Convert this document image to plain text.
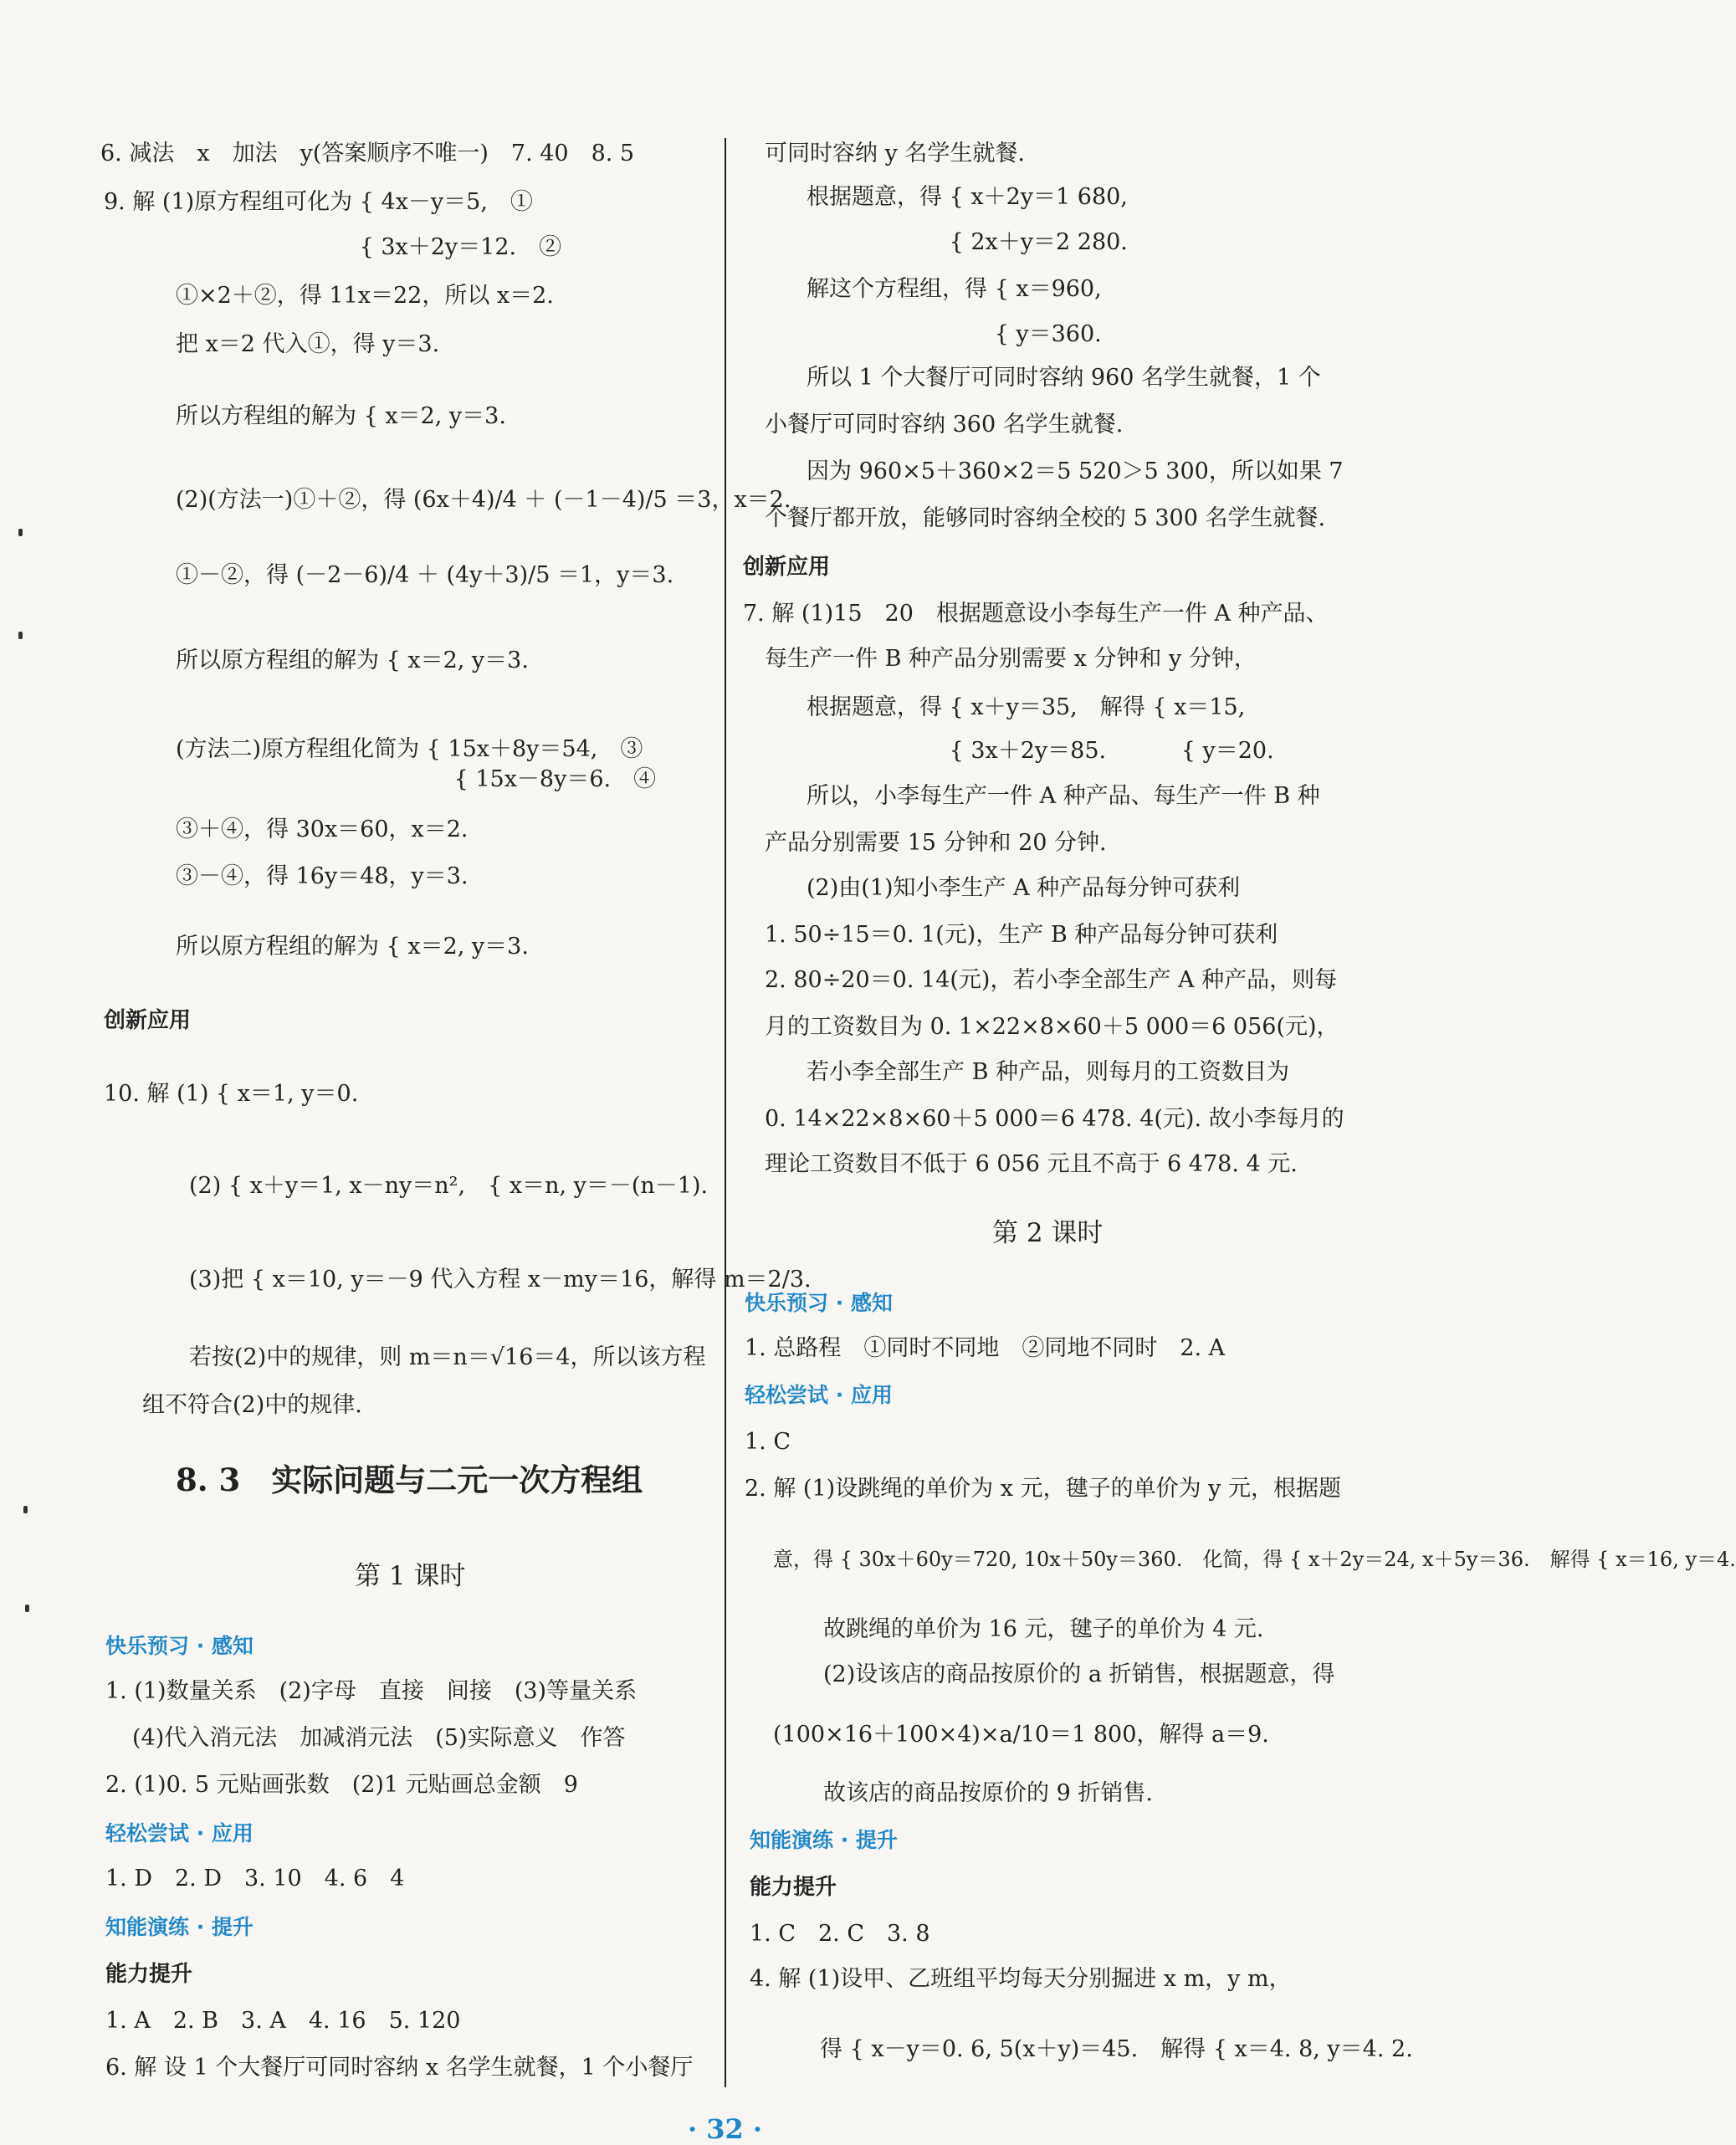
6. 减法　x　加法　y(答案顺序不唯一)　7. 40　8. 5
9. 解 (1)原方程组可化为 { 4x－y＝5,　①
　　　　　　　　　　　 { 3x＋2y＝12.　②
①×2＋②，得 11x＝22，所以 x＝2.
把 x＝2 代入①，得 y＝3.
所以方程组的解为 { x＝2, y＝3.
(2)(方法一)①＋②，得 (6x＋4)/4 ＋ (－1－4)/5 ＝3，x＝2.
①－②，得 (－2－6)/4 ＋ (4y＋3)/5 ＝1，y＝3.
所以原方程组的解为 { x＝2, y＝3.
(方法二)原方程组化简为 { 15x＋8y＝54,　③
　　　　　　　　　　　　 { 15x－8y＝6.　④
③＋④，得 30x＝60，x＝2.
③－④，得 16y＝48，y＝3.
所以原方程组的解为 { x＝2, y＝3.
创新应用
10. 解 (1) { x＝1, y＝0.
(2) { x＋y＝1, x－ny＝n²,　{ x＝n, y＝－(n－1).
(3)把 { x＝10, y＝－9 代入方程 x－my＝16，解得 m＝2/3.
若按(2)中的规律，则 m＝n＝√16＝4，所以该方程
组不符合(2)中的规律.
8. 3　实际问题与二元一次方程组
第 1 课时
快乐预习 · 感知
1. (1)数量关系　(2)字母　直接　间接　(3)等量关系
(4)代入消元法　加减消元法　(5)实际意义　作答
2. (1)0. 5 元贴画张数　(2)1 元贴画总金额　9
轻松尝试 · 应用
1. D　2. D　3. 10　4. 6　4
知能演练 · 提升
能力提升
1. A　2. B　3. A　4. 16　5. 120
6. 解 设 1 个大餐厅可同时容纳 x 名学生就餐，1 个小餐厅
可同时容纳 y 名学生就餐.
根据题意，得 { x＋2y＝1 680,
　　　　　　 { 2x＋y＝2 280.
解这个方程组，得 { x＝960,
　　　　　　　　 { y＝360.
所以 1 个大餐厅可同时容纳 960 名学生就餐，1 个
小餐厅可同时容纳 360 名学生就餐.
因为 960×5＋360×2＝5 520＞5 300，所以如果 7
个餐厅都开放，能够同时容纳全校的 5 300 名学生就餐.
创新应用
7. 解 (1)15　20　根据题意设小李每生产一件 A 种产品、
每生产一件 B 种产品分别需要 x 分钟和 y 分钟，
根据题意，得 { x＋y＝35,　解得 { x＝15,
　　　　　　 { 3x＋2y＝85.　　　 { y＝20.
所以，小李每生产一件 A 种产品、每生产一件 B 种
产品分别需要 15 分钟和 20 分钟.
(2)由(1)知小李生产 A 种产品每分钟可获利
1. 50÷15＝0. 1(元)，生产 B 种产品每分钟可获利
2. 80÷20＝0. 14(元)，若小李全部生产 A 种产品，则每
月的工资数目为 0. 1×22×8×60＋5 000＝6 056(元)，
若小李全部生产 B 种产品，则每月的工资数目为
0. 14×22×8×60＋5 000＝6 478. 4(元). 故小李每月的
理论工资数目不低于 6 056 元且不高于 6 478. 4 元.
第 2 课时
快乐预习 · 感知
1. 总路程　①同时不同地　②同地不同时　2. A
轻松尝试 · 应用
1. C
2. 解 (1)设跳绳的单价为 x 元，毽子的单价为 y 元，根据题
意，得 { 30x＋60y＝720, 10x＋50y＝360.　化简，得 { x＋2y＝24, x＋5y＝36.　解得 { x＝16, y＝4.
故跳绳的单价为 16 元，毽子的单价为 4 元.
(2)设该店的商品按原价的 a 折销售，根据题意，得
(100×16＋100×4)×a/10＝1 800，解得 a＝9.
故该店的商品按原价的 9 折销售.
知能演练 · 提升
能力提升
1. C　2. C　3. 8
4. 解 (1)设甲、乙班组平均每天分别掘进 x m，y m，
得 { x－y＝0. 6, 5(x＋y)＝45.　解得 { x＝4. 8, y＝4. 2.
· 32 ·
